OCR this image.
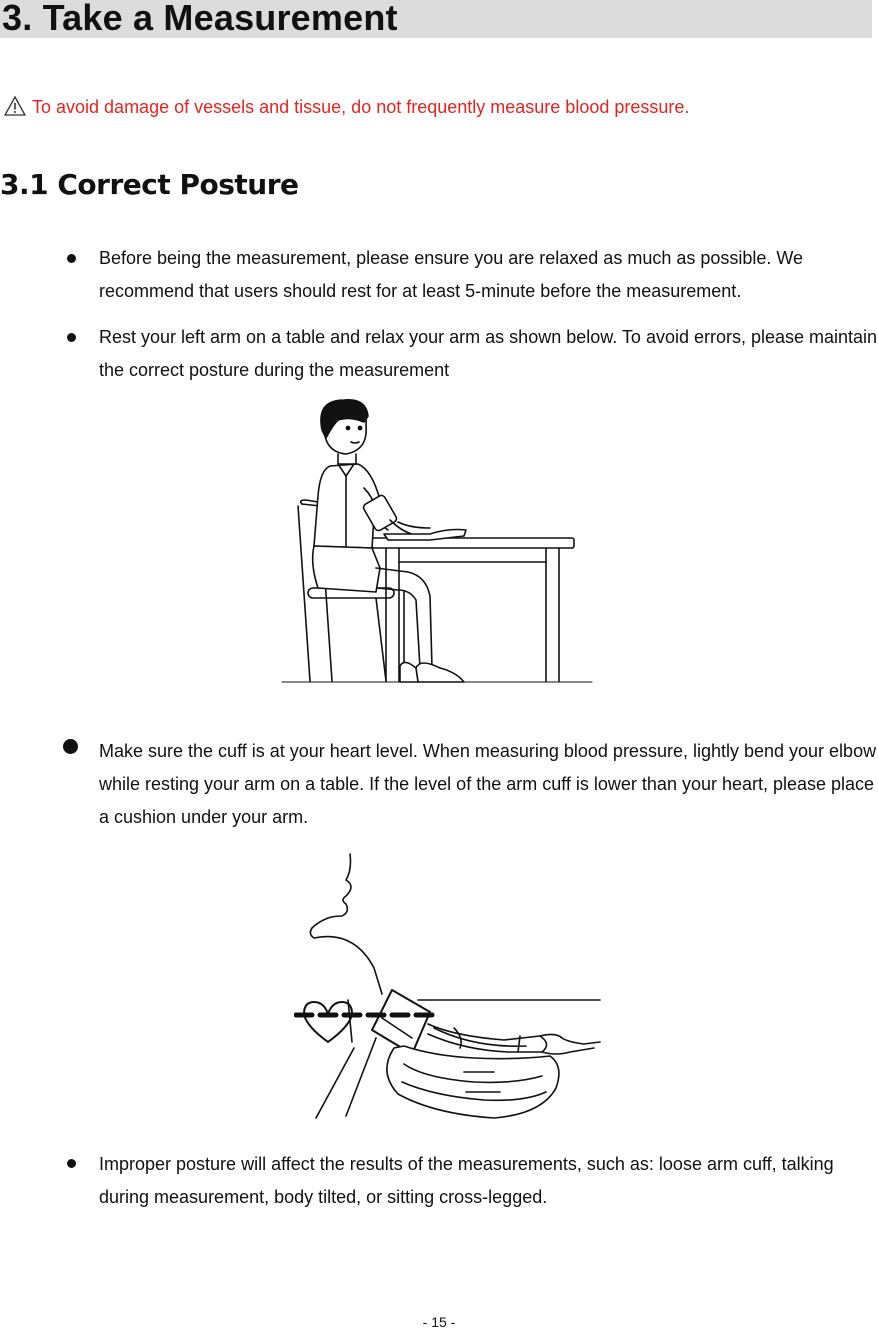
3. Take a Measurement
To avoid damage of vessels and tissue, do not frequently measure blood pressure.
3.1 Correct Posture
Before being the measurement, please ensure you are relaxed as much as possible. We recommend that users should rest for at least 5-minute before the measurement.
Rest your left arm on a table and relax your arm as shown below. To avoid errors, please maintain the correct posture during the measurement
Make sure the cuff is at your heart level. When measuring blood pressure, lightly bend your elbow while resting your arm on a table. If the level of the arm cuff is lower than your heart, please place a cushion under your arm.
Improper posture will affect the results of the measurements, such as: loose arm cuff, talking during measurement, body tilted, or sitting cross-legged.
- 15 -
